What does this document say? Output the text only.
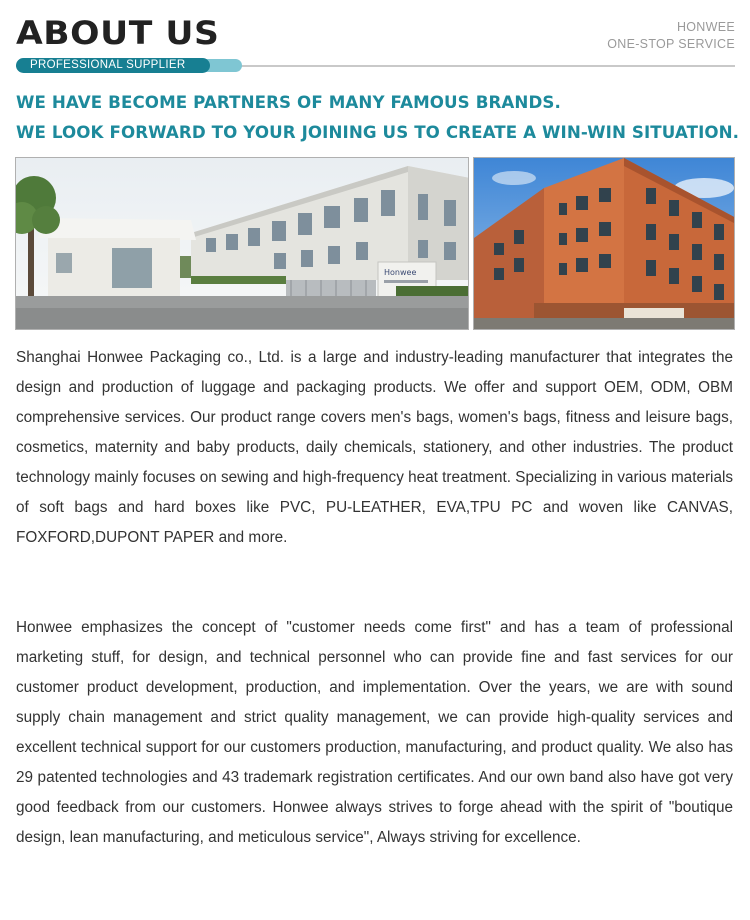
ABOUT US	HONWEE
ONE-STOP SERVICE
PROFESSIONAL SUPPLIER
WE HAVE BECOME PARTNERS OF MANY FAMOUS BRANDS.
WE LOOK FORWARD TO YOUR JOINING US TO CREATE A WIN-WIN SITUATION.
Honwee

Shanghai Honwee Packaging co., Ltd. is a large and industry-leading manufacturer that integrates the design and production of luggage and packaging products. We offer and support OEM, ODM, OBM comprehensive services. Our product range covers men's bags, women's bags, fitness and leisure bags, cosmetics, maternity and baby products, daily chemicals, stationery, and other industries. The product technology mainly focuses on sewing and high-frequency heat treatment. Specializing in various materials of soft bags and hard boxes like PVC, PU-LEATHER, EVA,TPU PC and woven like CANVAS, FOXFORD,DUPONT PAPER and more.

Honwee emphasizes the concept of "customer needs come first" and has a team of professional marketing stuff, for design, and technical personnel who can provide fine and fast services for our customer product development, production, and implementation. Over the years, we are with sound supply chain management and strict quality management, we can provide high-quality services and excellent technical support for our customers production, manufacturing, and product quality. We also has 29 patented technologies and 43 trademark registration certificates. And our own band also have got very good feedback from our customers. Honwee always strives to forge ahead with the spirit of "boutique design, lean manufacturing, and meticulous service", Always striving for excellence.
